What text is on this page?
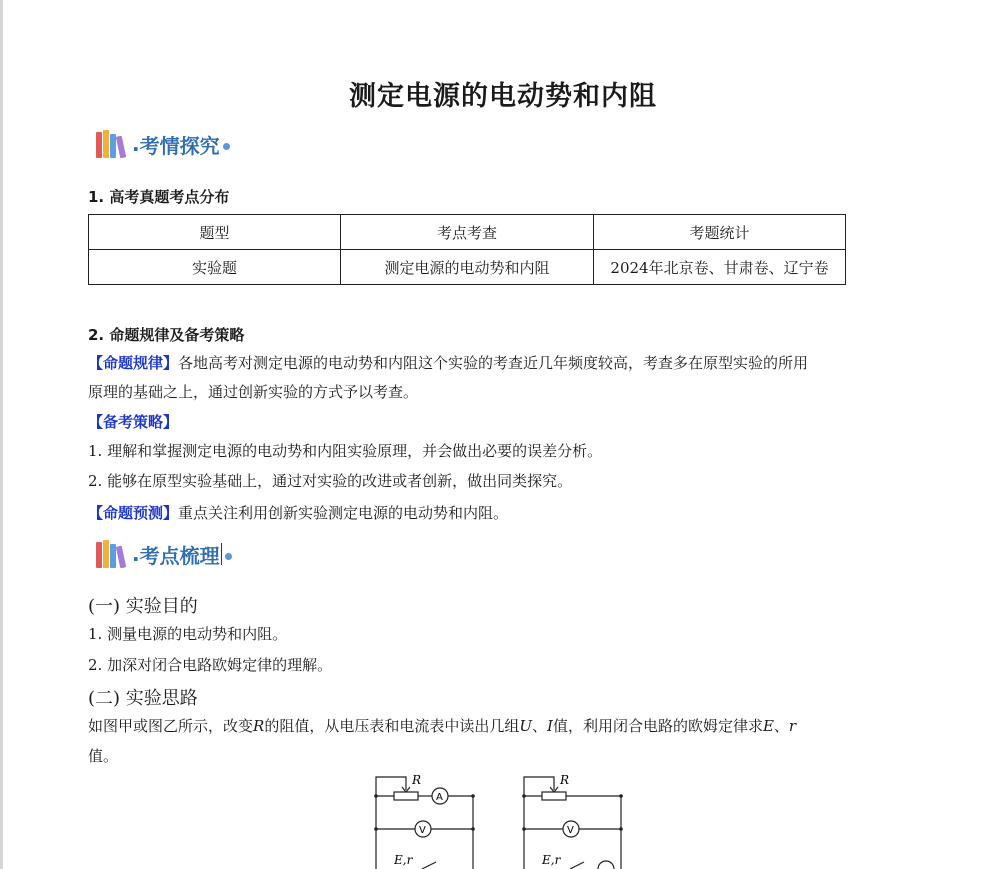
测定电源的电动势和内阻
. 考情探究
1. 高考真题考点分布
题型	考点考查	考题统计
实验题	测定电源的电动势和内阻	2024年北京卷、甘肃卷、辽宁卷
2. 命题规律及备考策略
【命题规律】各地高考对测定电源的电动势和内阻这个实验的考查近几年频度较高，考查多在原型实验的所用
原理的基础之上，通过创新实验的方式予以考查。
【备考策略】
1. 理解和掌握测定电源的电动势和内阻实验原理，并会做出必要的误差分析。
2. 能够在原型实验基础上，通过对实验的改进或者创新，做出同类探究。
【命题预测】重点关注利用创新实验测定电源的电动势和内阻。
. 考点梳理
(一) 实验目的
1. 测量电源的电动势和内阻。
2. 加深对闭合电路欧姆定律的理解。
(二) 实验思路
如图甲或图乙所示，改变R的阻值，从电压表和电流表中读出几组U、I值，利用闭合电路的欧姆定律求E、r
值。
R
A
V
E,r
R
V
E,r
